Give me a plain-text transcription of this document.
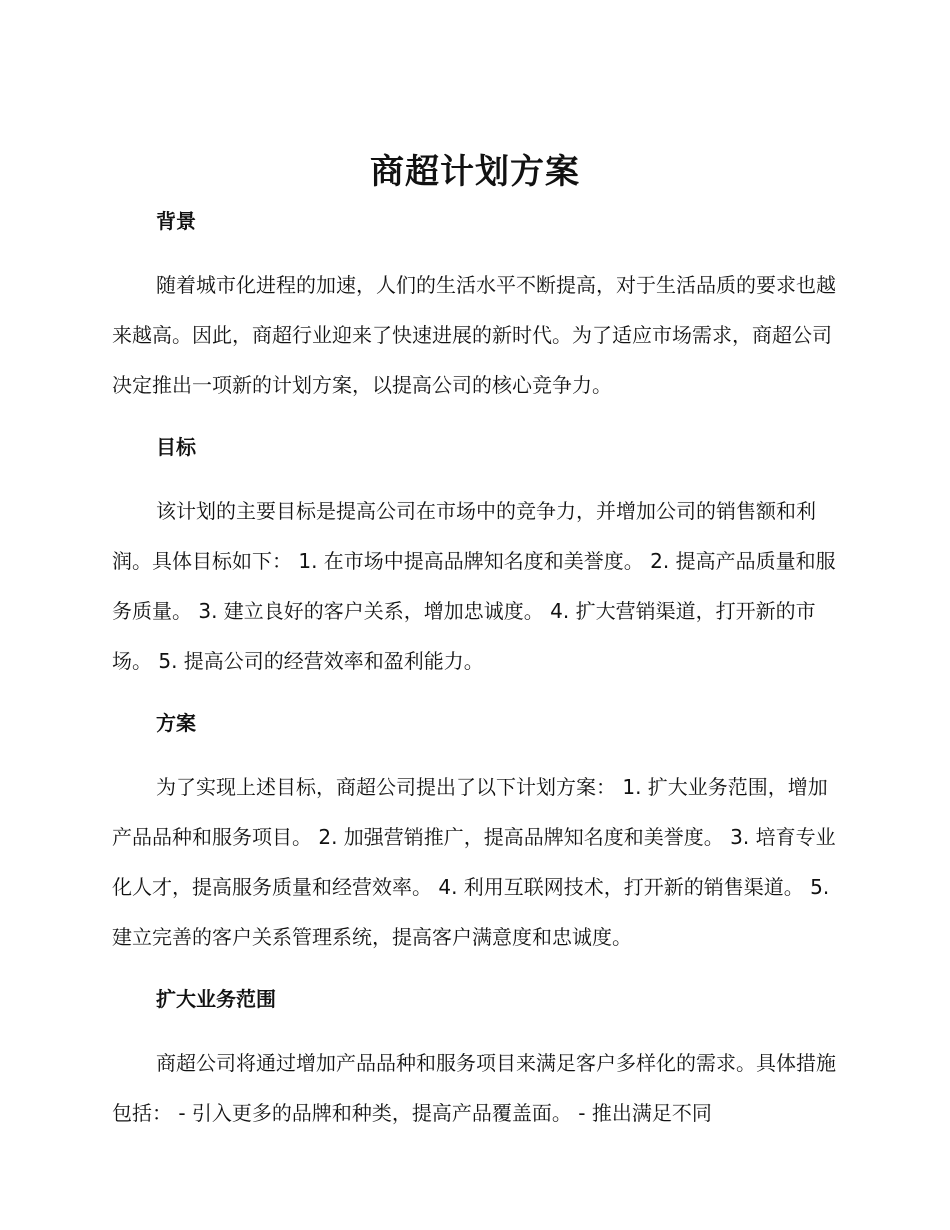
商超计划方案
背景

随着城市化进程的加速，人们的生活水平不断提高，对于生活品质的要求也越来越高。因此，商超行业迎来了快速进展的新时代。为了适应市场需求，商超公司决定推出一项新的计划方案，以提高公司的核心竞争力。

目标

该计划的主要目标是提高公司在市场中的竞争力，并增加公司的销售额和利润。具体目标如下： 1. 在市场中提高品牌知名度和美誉度。 2. 提高产品质量和服务质量。 3. 建立良好的客户关系，增加忠诚度。 4. 扩大营销渠道，打开新的市场。 5. 提高公司的经营效率和盈利能力。

方案

为了实现上述目标，商超公司提出了以下计划方案： 1. 扩大业务范围，增加产品品种和服务项目。 2. 加强营销推广，提高品牌知名度和美誉度。 3. 培育专业化人才，提高服务质量和经营效率。 4. 利用互联网技术，打开新的销售渠道。 5. 建立完善的客户关系管理系统，提高客户满意度和忠诚度。

扩大业务范围

商超公司将通过增加产品品种和服务项目来满足客户多样化的需求。具体措施包括： - 引入更多的品牌和种类，提高产品覆盖面。 - 推出满足不同
